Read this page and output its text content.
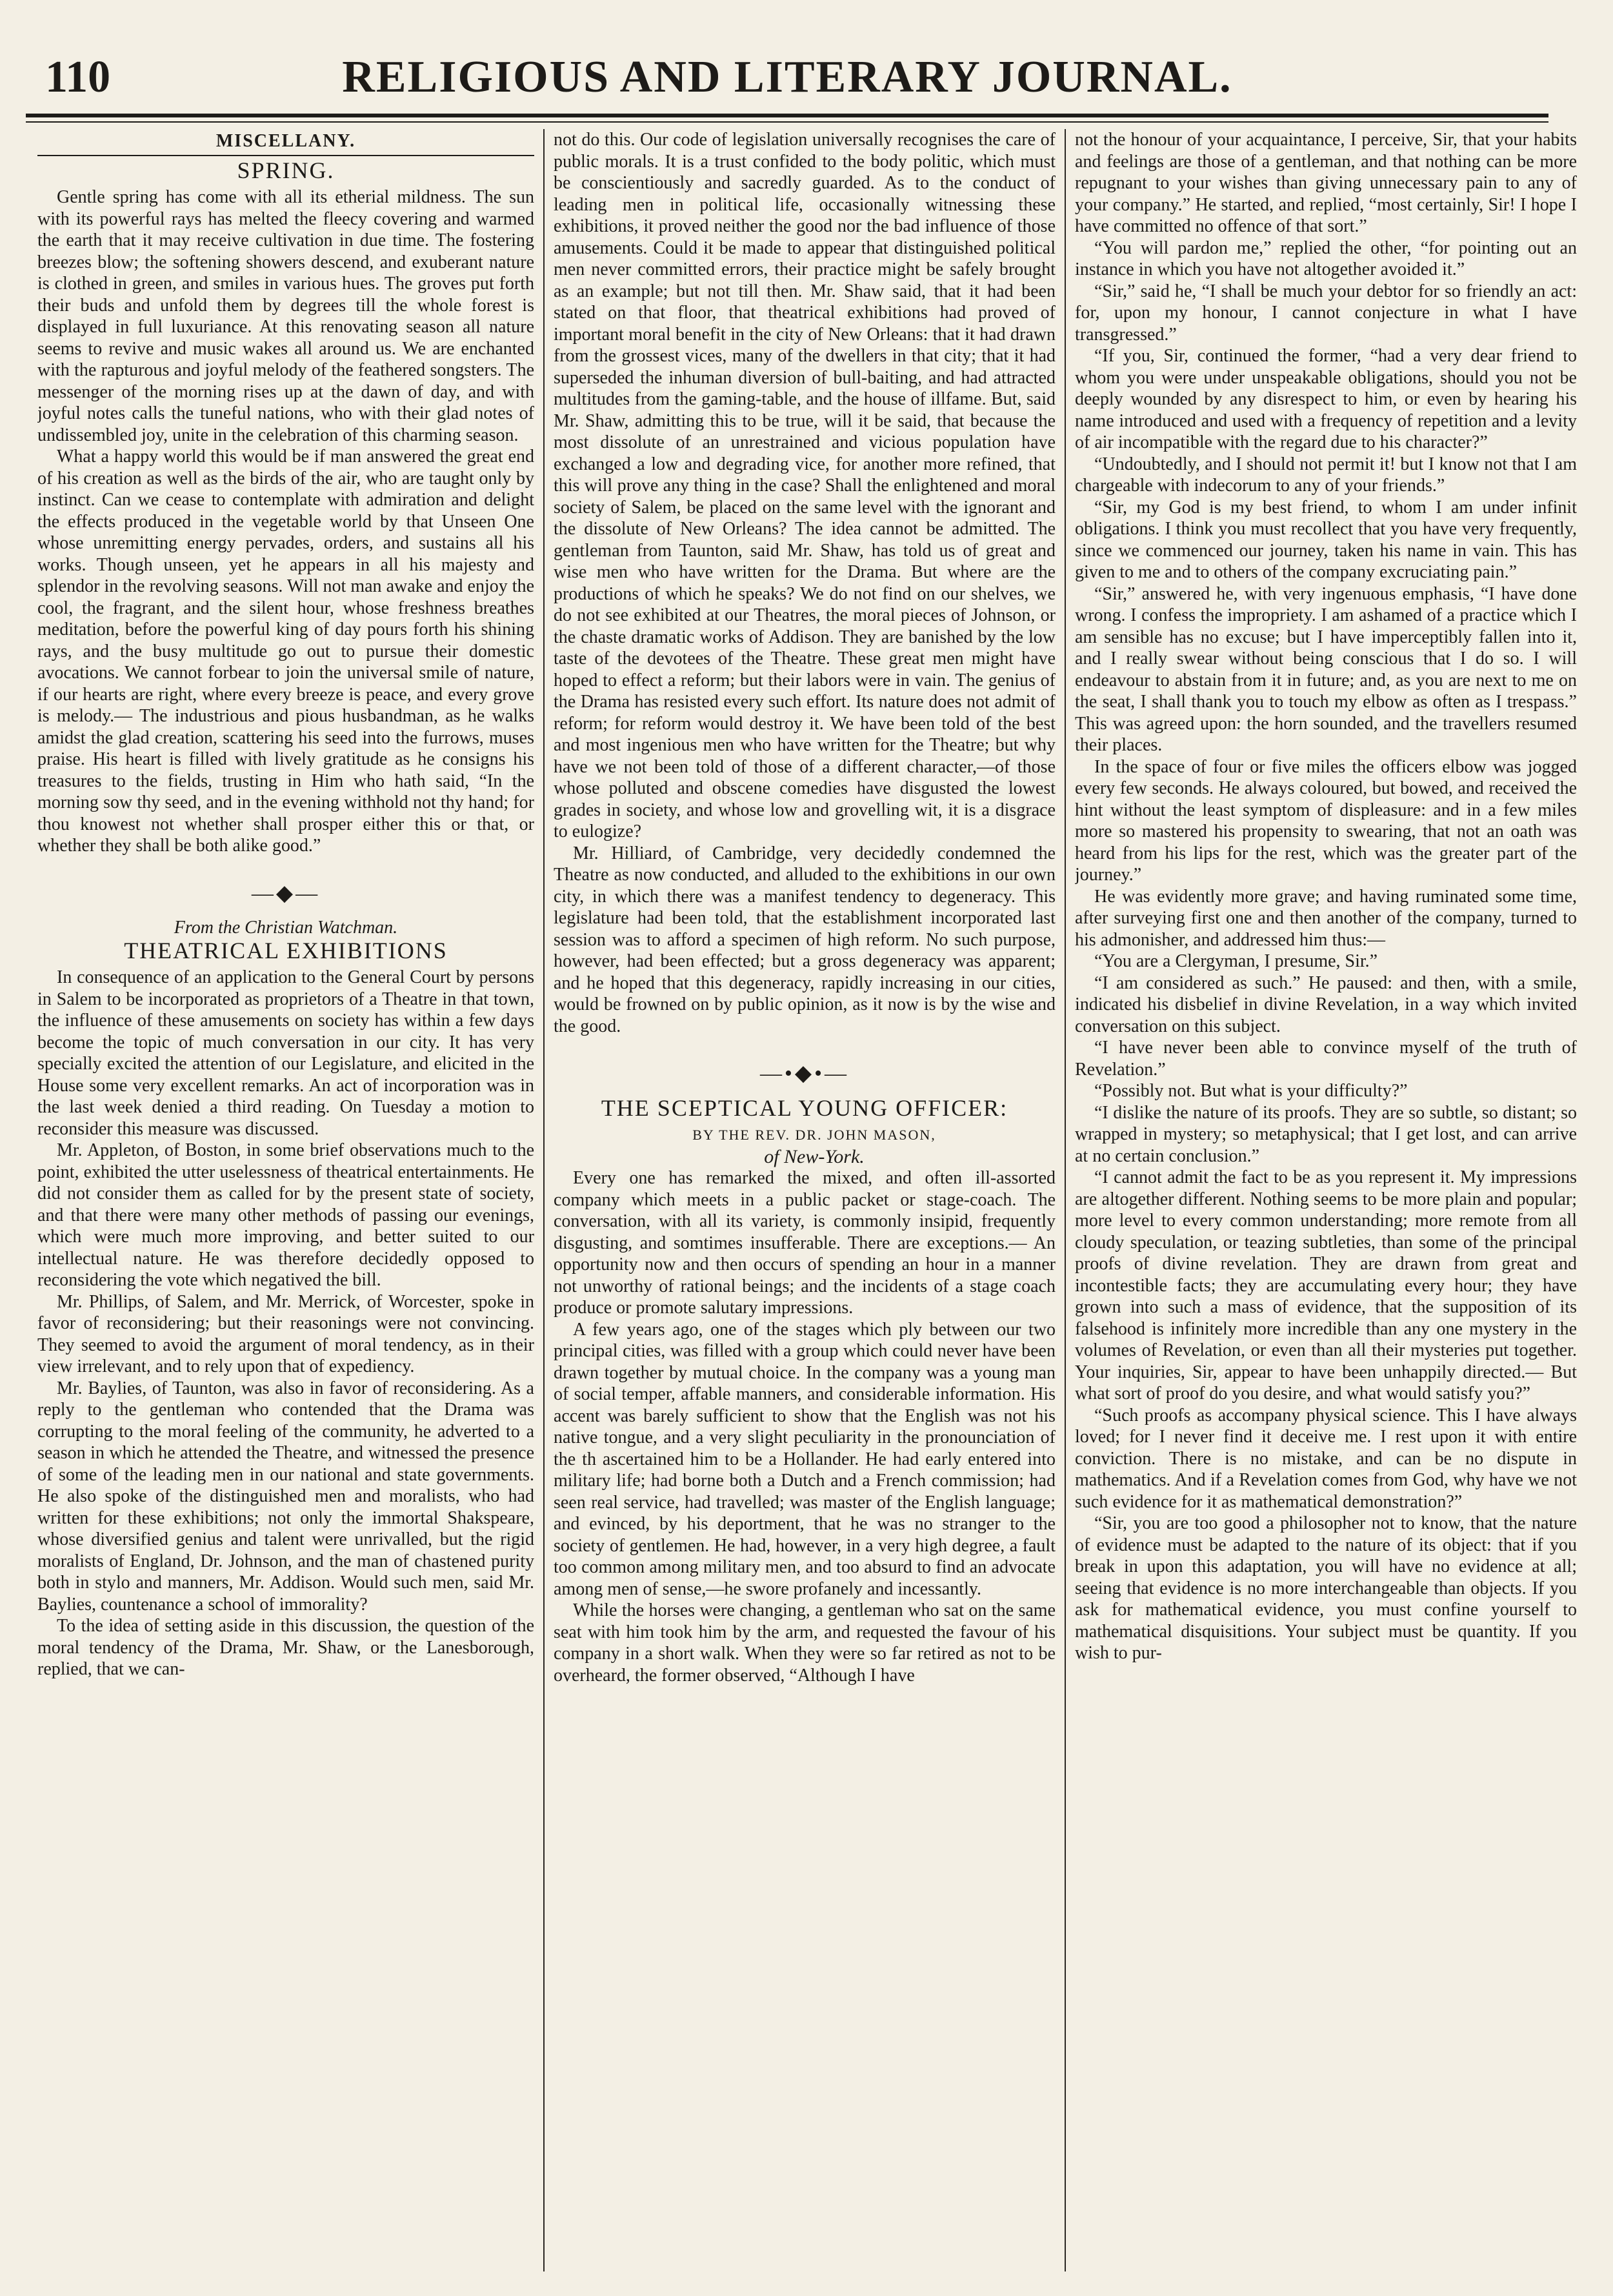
110	RELIGIOUS AND LITERARY JOURNAL.
MISCELLANY.
SPRING.

Gentle spring has come with all its etherial mildness. The sun with its powerful rays has melted the fleecy covering and warmed the earth that it may receive cultivation in due time. The fostering breezes blow; the softening showers descend, and exuberant nature is clothed in green, and smiles in various hues. The groves put forth their buds and unfold them by degrees till the whole forest is displayed in full luxuriance. At this renovating season all nature seems to revive and music wakes all around us. We are enchanted with the rapturous and joyful melody of the feathered songsters. The messenger of the morning rises up at the dawn of day, and with joyful notes calls the tuneful nations, who with their glad notes of undissembled joy, unite in the celebration of this charming season.

What a happy world this would be if man answered the great end of his creation as well as the birds of the air, who are taught only by instinct. Can we cease to contemplate with admiration and delight the effects produced in the vegetable world by that Unseen One whose unremitting energy pervades, orders, and sustains all his works. Though unseen, yet he appears in all his majesty and splendor in the revolving seasons. Will not man awake and enjoy the cool, the fragrant, and the silent hour, whose freshness breathes meditation, before the powerful king of day pours forth his shining rays, and the busy multitude go out to pursue their domestic avocations. We cannot forbear to join the universal smile of nature, if our hearts are right, where every breeze is peace, and every grove is melody.— The industrious and pious husbandman, as he walks amidst the glad creation, scattering his seed into the furrows, muses praise. His heart is filled with lively gratitude as he consigns his treasures to the fields, trusting in Him who hath said, “In the morning sow thy seed, and in the evening withhold not thy hand; for thou knowest not whether shall prosper either this or that, or whether they shall be both alike good.”

—◆—
From the Christian Watchman.
THEATRICAL EXHIBITIONS

In consequence of an application to the General Court by persons in Salem to be incorporated as proprietors of a Theatre in that town, the influence of these amusements on society has within a few days become the topic of much conversation in our city. It has very specially excited the attention of our Legislature, and elicited in the House some very excellent remarks. An act of incorporation was in the last week denied a third reading. On Tuesday a motion to reconsider this measure was discussed.

Mr. Appleton, of Boston, in some brief observations much to the point, exhibited the utter uselessness of theatrical entertainments. He did not consider them as called for by the present state of society, and that there were many other methods of passing our evenings, which were much more improving, and better suited to our intellectual nature. He was therefore decidedly opposed to reconsidering the vote which negatived the bill.

Mr. Phillips, of Salem, and Mr. Merrick, of Worcester, spoke in favor of reconsidering; but their reasonings were not convincing. They seemed to avoid the argument of moral tendency, as in their view irrelevant, and to rely upon that of expediency.

Mr. Baylies, of Taunton, was also in favor of reconsidering. As a reply to the gentleman who contended that the Drama was corrupting to the moral feeling of the community, he adverted to a season in which he attended the Theatre, and witnessed the presence of some of the leading men in our national and state governments. He also spoke of the distinguished men and moralists, who had written for these exhibitions; not only the immortal Shakspeare, whose diversified genius and talent were unrivalled, but the rigid moralists of England, Dr. Johnson, and the man of chastened purity both in stylo and manners, Mr. Addison. Would such men, said Mr. Baylies, countenance a school of immorality?

To the idea of setting aside in this discussion, the question of the moral tendency of the Drama, Mr. Shaw, or the Lanesborough, replied, that we can-

not do this. Our code of legislation universally recognises the care of public morals. It is a trust confided to the body politic, which must be conscientiously and sacredly guarded. As to the conduct of leading men in political life, occasionally witnessing these exhibitions, it proved neither the good nor the bad influence of those amusements. Could it be made to appear that distinguished political men never committed errors, their practice might be safely brought as an example; but not till then. Mr. Shaw said, that it had been stated on that floor, that theatrical exhibitions had proved of important moral benefit in the city of New Orleans: that it had drawn from the grossest vices, many of the dwellers in that city; that it had superseded the inhuman diversion of bull-baiting, and had attracted multitudes from the gaming-table, and the house of illfame. But, said Mr. Shaw, admitting this to be true, will it be said, that because the most dissolute of an unrestrained and vicious population have exchanged a low and degrading vice, for another more refined, that this will prove any thing in the case? Shall the enlightened and moral society of Salem, be placed on the same level with the ignorant and the dissolute of New Orleans? The idea cannot be admitted. The gentleman from Taunton, said Mr. Shaw, has told us of great and wise men who have written for the Drama. But where are the productions of which he speaks? We do not find on our shelves, we do not see exhibited at our Theatres, the moral pieces of Johnson, or the chaste dramatic works of Addison. They are banished by the low taste of the devotees of the Theatre. These great men might have hoped to effect a reform; but their labors were in vain. The genius of the Drama has resisted every such effort. Its nature does not admit of reform; for reform would destroy it. We have been told of the best and most ingenious men who have written for the Theatre; but why have we not been told of those of a different character,—of those whose polluted and obscene comedies have disgusted the lowest grades in society, and whose low and grovelling wit, it is a disgrace to eulogize?

Mr. Hilliard, of Cambridge, very decidedly condemned the Theatre as now conducted, and alluded to the exhibitions in our own city, in which there was a manifest tendency to degeneracy. This legislature had been told, that the establishment incorporated last session was to afford a specimen of high reform. No such purpose, however, had been effected; but a gross degeneracy was apparent; and he hoped that this degeneracy, rapidly increasing in our cities, would be frowned on by public opinion, as it now is by the wise and the good.

—•◆•—
THE SCEPTICAL YOUNG OFFICER:

BY THE REV. DR. JOHN MASON,

of New-York.

Every one has remarked the mixed, and often ill-assorted company which meets in a public packet or stage-coach. The conversation, with all its variety, is commonly insipid, frequently disgusting, and somtimes insufferable. There are exceptions.— An opportunity now and then occurs of spending an hour in a manner not unworthy of rational beings; and the incidents of a stage coach produce or promote salutary impressions.

A few years ago, one of the stages which ply between our two principal cities, was filled with a group which could never have been drawn together by mutual choice. In the company was a young man of social temper, affable manners, and considerable information. His accent was barely sufficient to show that the English was not his native tongue, and a very slight peculiarity in the pronounciation of the th ascertained him to be a Hollander. He had early entered into military life; had borne both a Dutch and a French commission; had seen real service, had travelled; was master of the English language; and evinced, by his deportment, that he was no stranger to the society of gentlemen. He had, however, in a very high degree, a fault too common among military men, and too absurd to find an advocate among men of sense,—he swore profanely and incessantly.

While the horses were changing, a gentleman who sat on the same seat with him took him by the arm, and requested the favour of his company in a short walk. When they were so far retired as not to be overheard, the former observed, “Although I have

not the honour of your acquaintance, I perceive, Sir, that your habits and feelings are those of a gentleman, and that nothing can be more repugnant to your wishes than giving unnecessary pain to any of your company.” He started, and replied, “most certainly, Sir! I hope I have committed no offence of that sort.”

“You will pardon me,” replied the other, “for pointing out an instance in which you have not altogether avoided it.”

“Sir,” said he, “I shall be much your debtor for so friendly an act: for, upon my honour, I cannot conjecture in what I have transgressed.”

“If you, Sir, continued the former, “had a very dear friend to whom you were under unspeakable obligations, should you not be deeply wounded by any disrespect to him, or even by hearing his name introduced and used with a frequency of repetition and a levity of air incompatible with the regard due to his character?”

“Undoubtedly, and I should not permit it! but I know not that I am chargeable with indecorum to any of your friends.”

“Sir, my God is my best friend, to whom I am under infinit obligations. I think you must recollect that you have very frequently, since we commenced our journey, taken his name in vain. This has given to me and to others of the company excruciating pain.”

“Sir,” answered he, with very ingenuous emphasis, “I have done wrong. I confess the impropriety. I am ashamed of a practice which I am sensible has no excuse; but I have imperceptibly fallen into it, and I really swear without being conscious that I do so. I will endeavour to abstain from it in future; and, as you are next to me on the seat, I shall thank you to touch my elbow as often as I trespass.” This was agreed upon: the horn sounded, and the travellers resumed their places.

In the space of four or five miles the officers elbow was jogged every few seconds. He always coloured, but bowed, and received the hint without the least symptom of displeasure: and in a few miles more so mastered his propensity to swearing, that not an oath was heard from his lips for the rest, which was the greater part of the journey.”

He was evidently more grave; and having ruminated some time, after surveying first one and then another of the company, turned to his admonisher, and addressed him thus:—

“You are a Clergyman, I presume, Sir.”

“I am considered as such.” He paused: and then, with a smile, indicated his disbelief in divine Revelation, in a way which invited conversation on this subject.

“I have never been able to convince myself of the truth of Revelation.”

“Possibly not. But what is your difficulty?”

“I dislike the nature of its proofs. They are so subtle, so distant; so wrapped in mystery; so metaphysical; that I get lost, and can arrive at no certain conclusion.”

“I cannot admit the fact to be as you represent it. My impressions are altogether different. Nothing seems to be more plain and popular; more level to every common understanding; more remote from all cloudy speculation, or teazing subtleties, than some of the principal proofs of divine revelation. They are drawn from great and incontestible facts; they are accumulating every hour; they have grown into such a mass of evidence, that the supposition of its falsehood is infinitely more incredible than any one mystery in the volumes of Revelation, or even than all their mysteries put together. Your inquiries, Sir, appear to have been unhappily directed.— But what sort of proof do you desire, and what would satisfy you?”

“Such proofs as accompany physical science. This I have always loved; for I never find it deceive me. I rest upon it with entire conviction. There is no mistake, and can be no dispute in mathematics. And if a Revelation comes from God, why have we not such evidence for it as mathematical demonstration?”

“Sir, you are too good a philosopher not to know, that the nature of evidence must be adapted to the nature of its object: that if you break in upon this adaptation, you will have no evidence at all; seeing that evidence is no more interchangeable than objects. If you ask for mathematical evidence, you must confine yourself to mathematical disquisitions. Your subject must be quantity. If you wish to pur-
